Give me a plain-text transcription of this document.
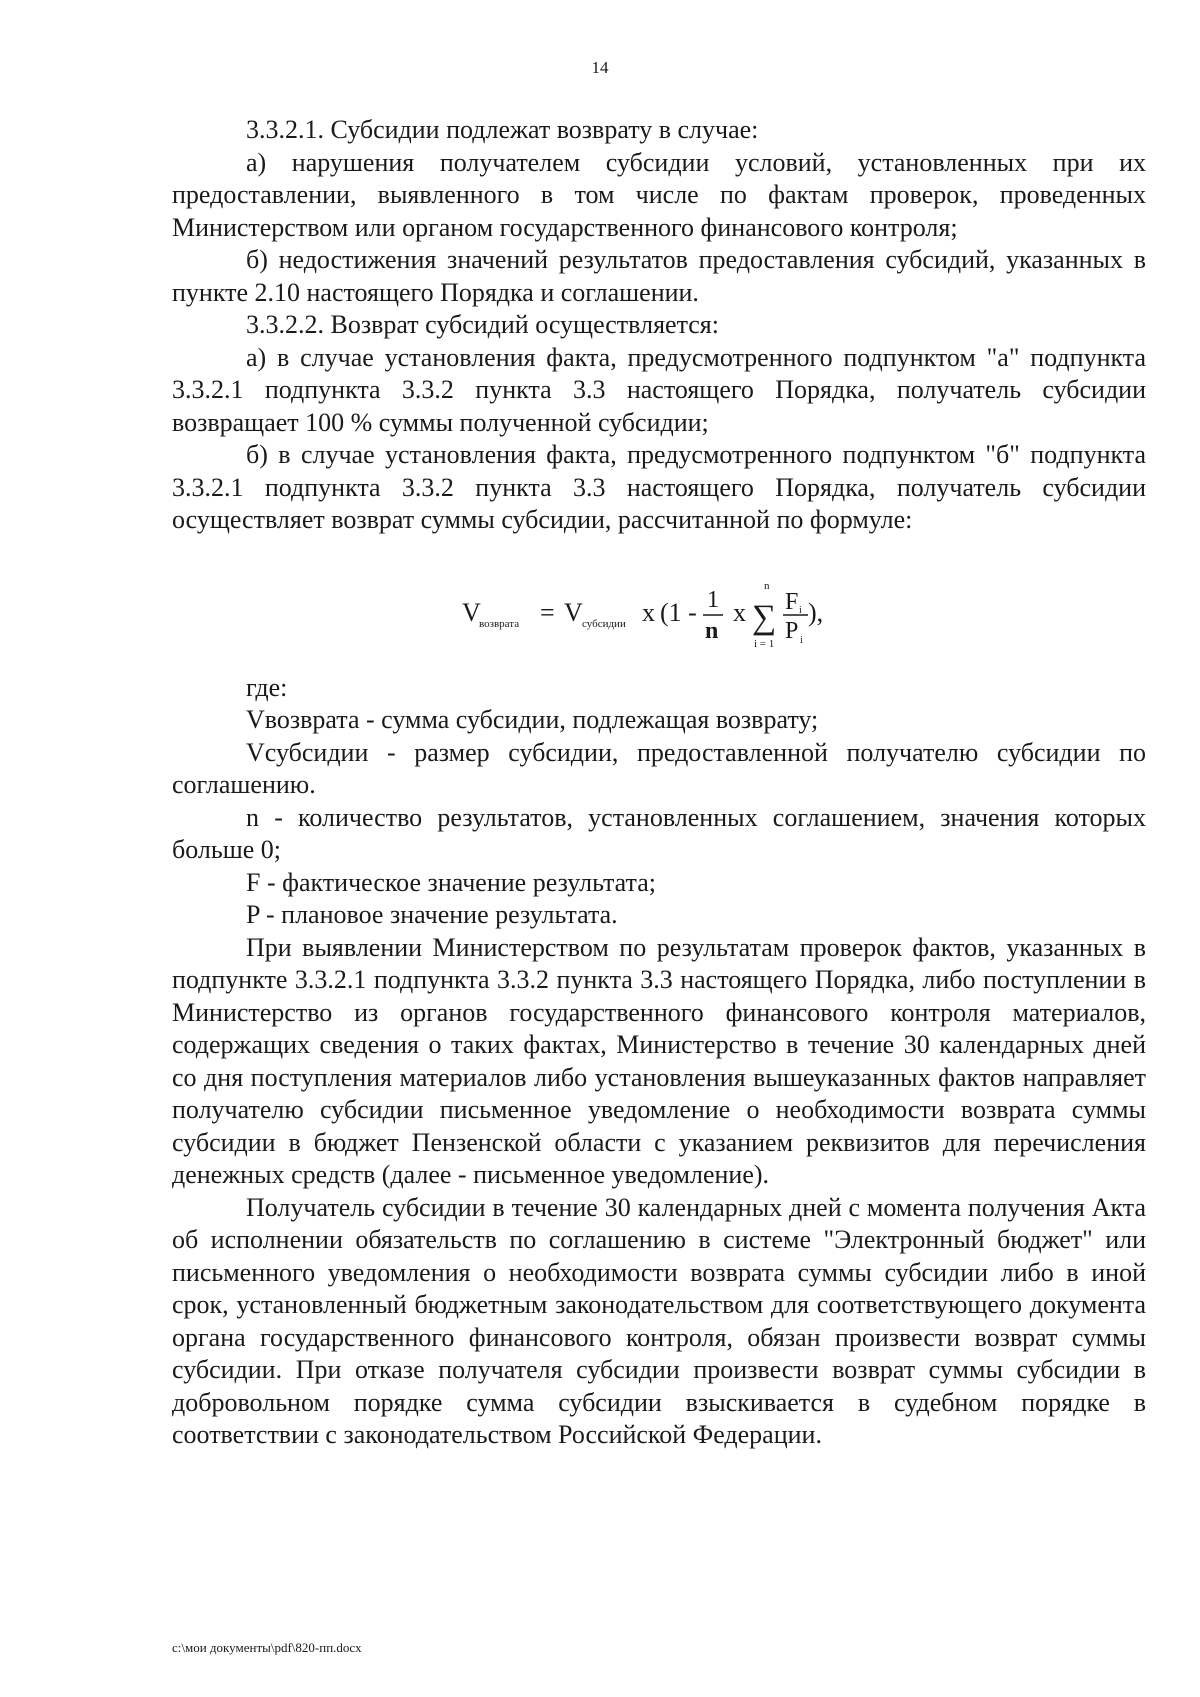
14

3.3.2.1. Субсидии подлежат возврату в случае:

а) нарушения получателем субсидии условий, установленных при их предоставлении, выявленного в том числе по фактам проверок, проведенных Министерством или органом государственного финансового контроля;

б) недостижения значений результатов предоставления субсидий, указанных в пункте 2.10 настоящего Порядка и соглашении.

3.3.2.2. Возврат субсидий осуществляется:

а) в случае установления факта, предусмотренного подпунктом "а" подпункта 3.3.2.1 подпункта 3.3.2 пункта 3.3 настоящего Порядка, получатель субсидии возвращает 100 % суммы полученной субсидии;

б) в случае установления факта, предусмотренного подпунктом "б" подпункта 3.3.2.1 подпункта 3.3.2 пункта 3.3 настоящего Порядка, получатель субсидии осуществляет возврат суммы субсидии, рассчитанной по формуле:

V
возврата = V субсидии x (1 - 1
n
x
n
∑
i = 1
F i
P i
),

где:

Vвозврата - сумма субсидии, подлежащая возврату;

Vсубсидии - размер субсидии, предоставленной получателю субсидии по соглашению.

n - количество результатов, установленных соглашением, значения которых больше 0;

F - фактическое значение результата;

P - плановое значение результата.

При выявлении Министерством по результатам проверок фактов, указанных в подпункте 3.3.2.1 подпункта 3.3.2 пункта 3.3 настоящего Порядка, либо поступлении в Министерство из органов государственного финансового контроля материалов, содержащих сведения о таких фактах, Министерство в течение 30 календарных дней со дня поступления материалов либо установления вышеуказанных фактов направляет получателю субсидии письменное уведомление о необходимости возврата суммы субсидии в бюджет Пензенской области с указанием реквизитов для перечисления денежных средств (далее - письменное уведомление).

Получатель субсидии в течение 30 календарных дней с момента получения Акта об исполнении обязательств по соглашению в системе "Электронный бюджет" или письменного уведомления о необходимости возврата суммы субсидии либо в иной срок, установленный бюджетным законодательством для соответствующего документа органа государственного финансового контроля, обязан произвести возврат суммы субсидии. При отказе получателя субсидии произвести возврат суммы субсидии в добровольном порядке сумма субсидии взыскивается в судебном порядке в соответствии с законодательством Российской Федерации.

c:\мои документы\pdf\820-пп.docx
